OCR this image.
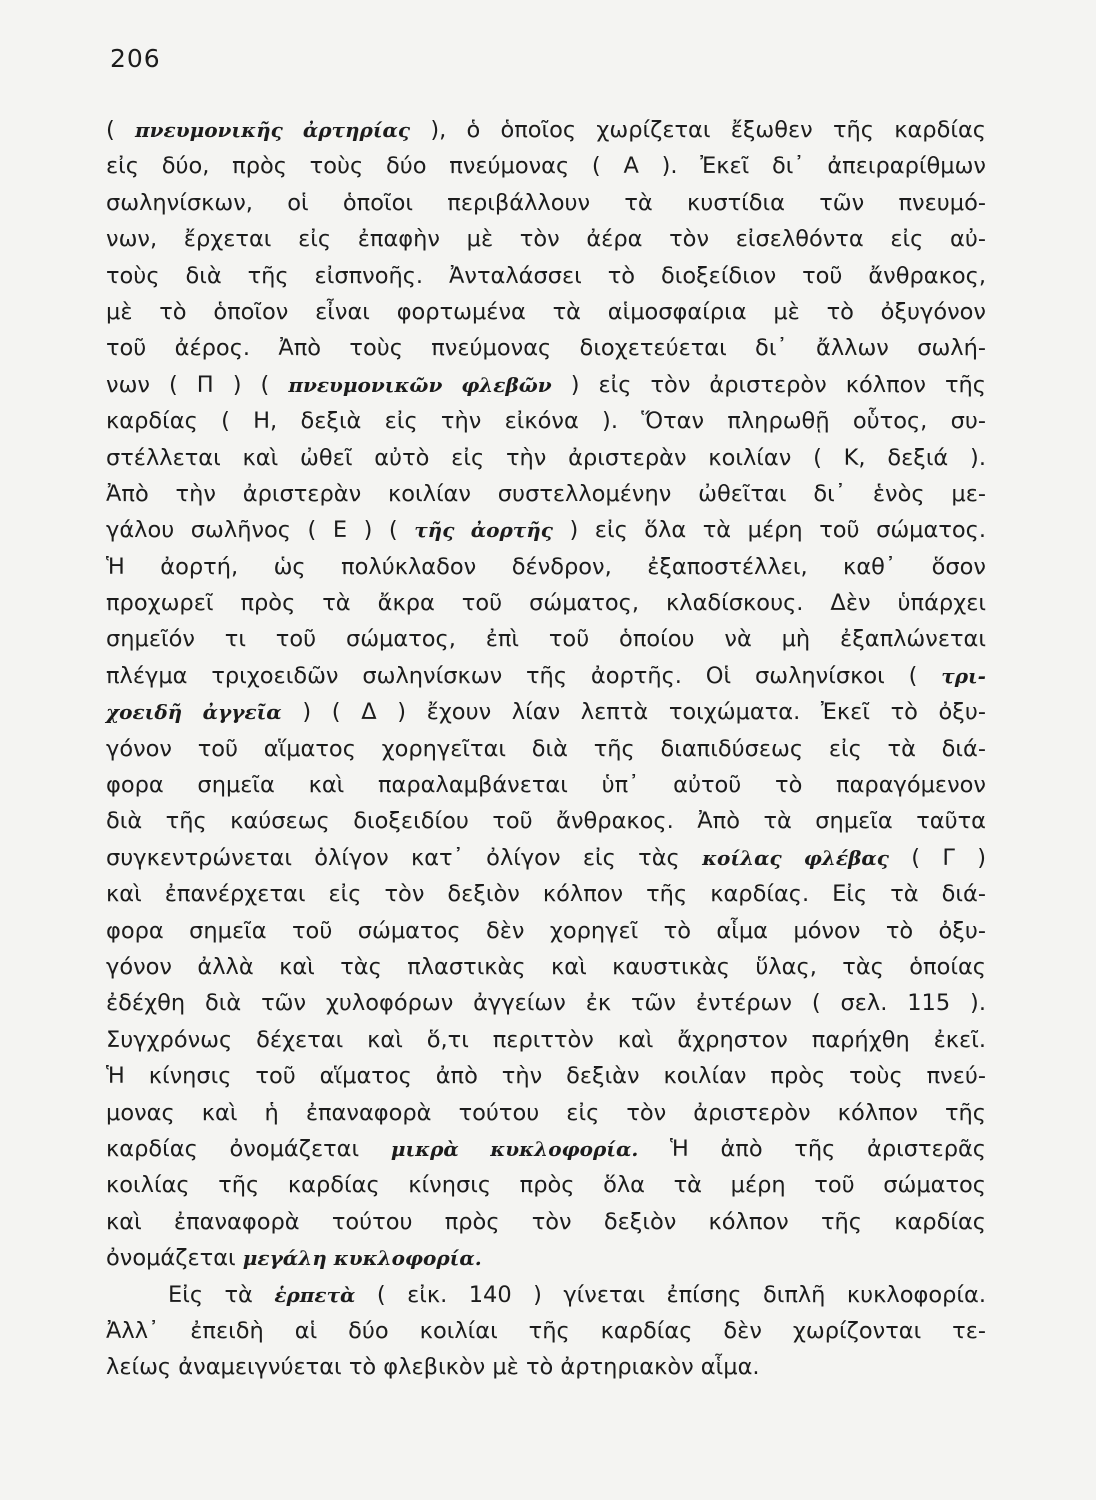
206
( πνευμονικῆς ἀρτηρίας ), ὁ ὁποῖος χωρίζεται ἔξωθεν τῆς καρδίας
εἰς δύο, πρὸς τοὺς δύο πνεύμονας ( Α ). Ἐκεῖ δι᾽ ἀπειραρίθμων
σωληνίσκων, οἱ ὁποῖοι περιβάλλουν τὰ κυστίδια τῶν πνευμό-
νων, ἔρχεται εἰς ἐπαφὴν μὲ τὸν ἀέρα τὸν εἰσελθόντα εἰς αὐ-
τοὺς διὰ τῆς εἰσπνοῆς. Ἀνταλάσσει τὸ διοξείδιον τοῦ ἄνθρακος,
μὲ τὸ ὁποῖον εἶναι φορτωμένα τὰ αἱμοσφαίρια μὲ τὸ ὀξυγόνον
τοῦ ἀέρος. Ἀπὸ τοὺς πνεύμονας διοχετεύεται δι᾽ ἄλλων σωλή-
νων ( Π ) ( πνευμονικῶν φλεβῶν ) εἰς τὸν ἀριστερὸν κόλπον τῆς
καρδίας ( Η, δεξιὰ εἰς τὴν εἰκόνα ). Ὅταν πληρωθῇ οὗτος, συ-
στέλλεται καὶ ὠθεῖ αὐτὸ εἰς τὴν ἀριστερὰν κοιλίαν ( Κ, δεξιά ).
Ἀπὸ τὴν ἀριστερὰν κοιλίαν συστελλομένην ὠθεῖται δι᾽ ἑνὸς με-
γάλου σωλῆνος ( Ε ) ( τῆς ἀορτῆς ) εἰς ὅλα τὰ μέρη τοῦ σώματος.
Ἡ ἀορτή, ὡς πολύκλαδον δένδρον, ἐξαποστέλλει, καθ᾽ ὅσον
προχωρεῖ πρὸς τὰ ἄκρα τοῦ σώματος, κλαδίσκους. Δὲν ὑπάρχει
σημεῖόν τι τοῦ σώματος, ἐπὶ τοῦ ὁποίου νὰ μὴ ἐξαπλώνεται
πλέγμα τριχοειδῶν σωληνίσκων τῆς ἀορτῆς. Οἱ σωληνίσκοι ( τρι-
χοειδῆ ἀγγεῖα ) ( Δ ) ἔχουν λίαν λεπτὰ τοιχώματα. Ἐκεῖ τὸ ὀξυ-
γόνον τοῦ αἵματος χορηγεῖται διὰ τῆς διαπιδύσεως εἰς τὰ διά-
φορα σημεῖα καὶ παραλαμβάνεται ὑπ᾽ αὐτοῦ τὸ παραγόμενον
διὰ τῆς καύσεως διοξειδίου τοῦ ἄνθρακος. Ἀπὸ τὰ σημεῖα ταῦτα
συγκεντρώνεται ὀλίγον κατ᾽ ὀλίγον εἰς τὰς κοίλας φλέβας ( Γ )
καὶ ἐπανέρχεται εἰς τὸν δεξιὸν κόλπον τῆς καρδίας. Εἰς τὰ διά-
φορα σημεῖα τοῦ σώματος δὲν χορηγεῖ τὸ αἷμα μόνον τὸ ὀξυ-
γόνον ἀλλὰ καὶ τὰς πλαστικὰς καὶ καυστικὰς ὕλας, τὰς ὁποίας
ἐδέχθη διὰ τῶν χυλοφόρων ἀγγείων ἐκ τῶν ἐντέρων ( σελ. 115 ).
Συγχρόνως δέχεται καὶ ὅ,τι περιττὸν καὶ ἄχρηστον παρήχθη ἐκεῖ.
Ἡ κίνησις τοῦ αἵματος ἀπὸ τὴν δεξιὰν κοιλίαν πρὸς τοὺς πνεύ-
μονας καὶ ἡ ἐπαναφορὰ τούτου εἰς τὸν ἀριστερὸν κόλπον τῆς
καρδίας ὀνομάζεται μικρὰ κυκλοφορία. Ἡ ἀπὸ τῆς ἀριστερᾶς
κοιλίας τῆς καρδίας κίνησις πρὸς ὅλα τὰ μέρη τοῦ σώματος
καὶ ἐπαναφορὰ τούτου πρὸς τὸν δεξιὸν κόλπον τῆς καρδίας
ὀνομάζεται μεγάλη κυκλοφορία.
Εἰς τὰ ἑρπετὰ ( εἰκ. 140 ) γίνεται ἐπίσης διπλῆ κυκλοφορία.
Ἀλλ᾽ ἐπειδὴ αἱ δύο κοιλίαι τῆς καρδίας δὲν χωρίζονται τε-
λείως ἀναμειγνύεται τὸ φλεβικὸν μὲ τὸ ἀρτηριακὸν αἷμα.
